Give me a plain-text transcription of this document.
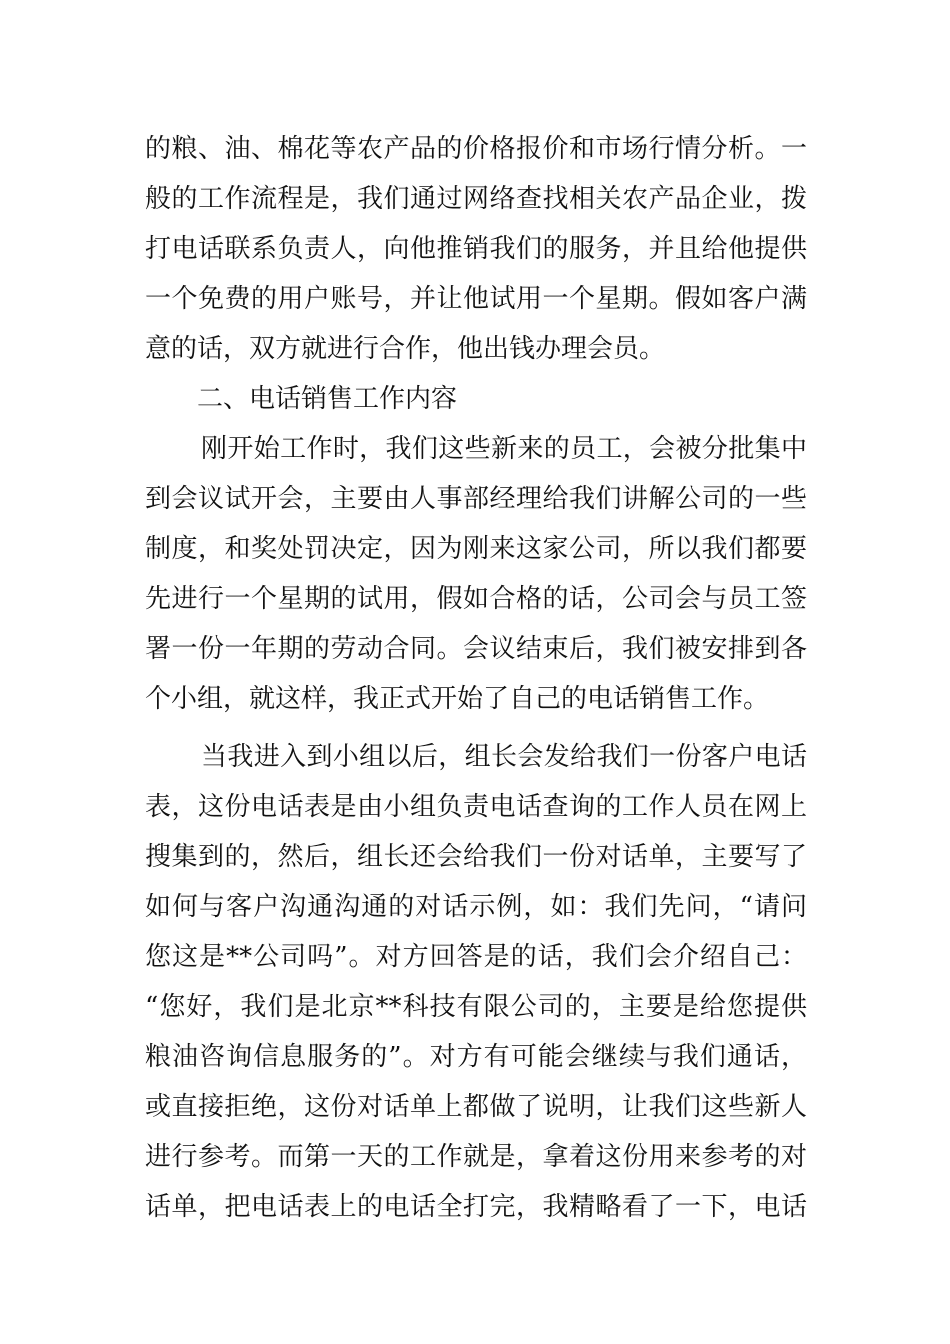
的粮、油、棉花等农产品的价格报价和市场行情分析。一
般的工作流程是，我们通过网络查找相关农产品企业，拨
打电话联系负责人，向他推销我们的服务，并且给他提供
一个免费的用户账号，并让他试用一个星期。假如客户满
意的话，双方就进行合作，他出钱办理会员。
二、电话销售工作内容
刚开始工作时，我们这些新来的员工，会被分批集中
到会议试开会，主要由人事部经理给我们讲解公司的一些
制度，和奖处罚决定，因为刚来这家公司，所以我们都要
先进行一个星期的试用，假如合格的话，公司会与员工签
署一份一年期的劳动合同。会议结束后，我们被安排到各
个小组，就这样，我正式开始了自己的电话销售工作。
当我进入到小组以后，组长会发给我们一份客户电话
表，这份电话表是由小组负责电话查询的工作人员在网上
搜集到的，然后，组长还会给我们一份对话单，主要写了
如何与客户沟通沟通的对话示例，如：我们先问，“请问
您这是**公司吗”。对方回答是的话，我们会介绍自己：
“您好，我们是北京**科技有限公司的，主要是给您提供
粮油咨询信息服务的”。对方有可能会继续与我们通话，
或直接拒绝，这份对话单上都做了说明，让我们这些新人
进行参考。而第一天的工作就是，拿着这份用来参考的对
话单，把电话表上的电话全打完，我精略看了一下，电话
